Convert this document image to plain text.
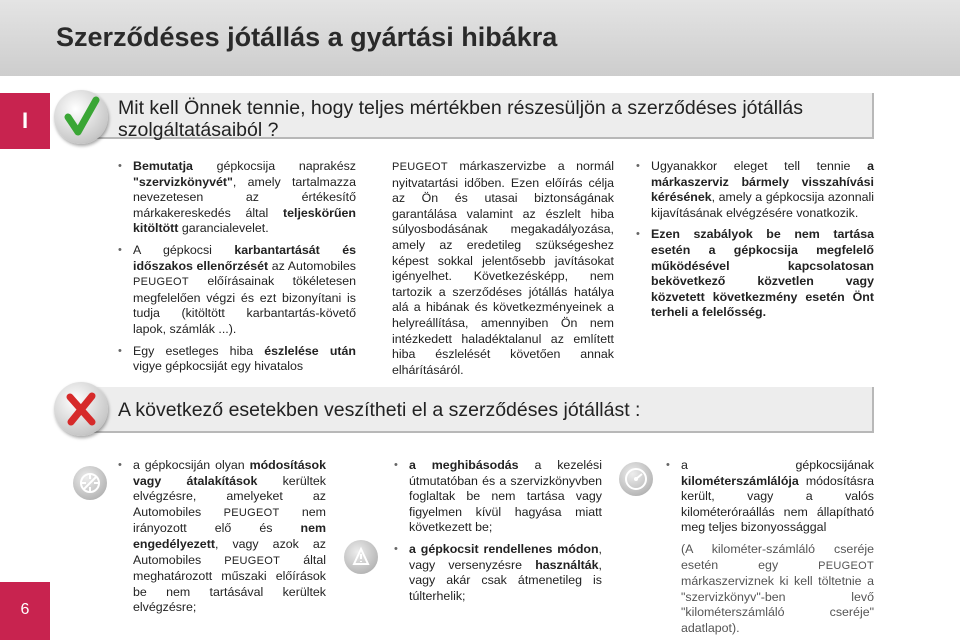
Szerződéses jótállás a gyártási hibákra
I
6
Mit kell Önnek tennie, hogy teljes mértékben részesüljön a szerződéses jótállás szolgáltatásaiból ?
• Bemutatja gépkocsija naprakész "szervizkönyvét", amely tartalmazza nevezetesen az értékesítő márkakereskedés által teljeskörűen kitöltött garancialevelet.
• A gépkocsi karbantartását és időszakos ellenőrzését az Automobiles PEUGEOT előírásainak tökéletesen megfelelően végzi és ezt bizonyítani is tudja (kitöltött karbantartás-követő lapok, számlák ...).
• Egy esetleges hiba észlelése után vigye gépkocsiját egy hivatalos

PEUGEOT márkaszervizbe a normál nyitvatartási időben. Ezen előírás célja az Ön és utasai biztonságának garantálása valamint az észlelt hiba súlyosbodásának megakadályozása, amely az eredetileg szükségeshez képest sokkal jelentősebb javításokat igényelhet. Következésképp, nem tartozik a szerződéses jótállás hatálya alá a hibának és következményeinek a helyreállítása, amennyiben Ön nem intézkedett haladéktalanul az említett hiba észlelését követően annak elhárításáról.

• Ugyanakkor eleget tell tennie a márkaszerviz bármely visszahívási kérésének, amely a gépkocsija azonnali kijavításának elvégzésére vonatkozik.
• Ezen szabályok be nem tartása esetén a gépkocsija megfelelő működésével kapcsolatosan bekövetkező közvetlen vagy közvetett következmény esetén Önt terheli a felelősség.
A következő esetekben veszítheti el a szerződéses jótállást :
• a gépkocsiján olyan módosítások vagy átalakítások kerültek elvégzésre, amelyeket az Automobiles PEUGEOT nem irányozott elő és nem engedélyezett, vagy azok az Automobiles PEUGEOT által meghatározott műszaki előírások be nem tartásával kerültek elvégzésre;
• a meghibásodás a kezelési útmutatóban és a szervizkönyvben foglaltak be nem tartása vagy figyelmen kívül hagyása miatt következett be;
• a gépkocsit rendellenes módon, vagy versenyzésre használták, vagy akár csak átmenetileg is túlterhelik;
• a gépkocsijának kilométerszámlálója módosításra került, vagy a valós kilométeróraállás nem állapítható meg teljes bizonyossággal

(A kilométer-számláló cseréje esetén egy PEUGEOT márkaszerviznek ki kell töltetnie a "szervizkönyv"-ben levő "kilométerszámláló cseréje" adatlapot).
